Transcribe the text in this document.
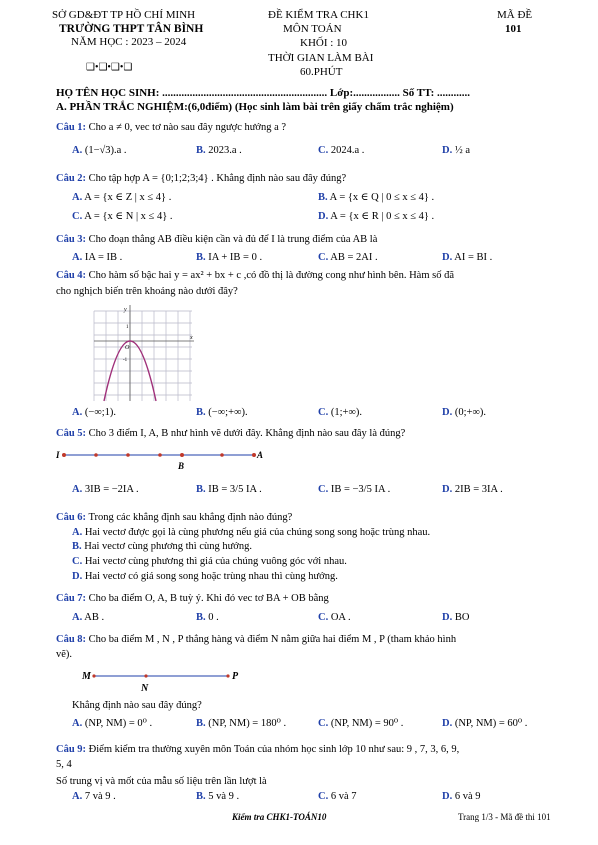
SỞ GD&ĐT TP HỒ CHÍ MINH
TRƯỜNG THPT TÂN BÌNH
NĂM HỌC : 2023 – 2024
❑•❑•❑•❑
ĐỀ KIỂM TRA CHK1
MÔN TOÁN
KHỐI : 10
THỜI GIAN LÀM BÀI
60.PHÚT
MÃ ĐỀ
101
HỌ TÊN HỌC SINH: ............................................................ Lớp:................. Số TT: ............
A. PHẦN TRẮC NGHIỆM:(6,0điểm) (Học sinh làm bài trên giấy chấm trắc nghiệm)
Câu 1: Cho a ≠ 0, vec tơ nào sau đây ngược hướng a ?
A. (1−√3).a .	B. 2023.a .	C. 2024.a .	D. ½ a
Câu 2: Cho tập hợp A = {0;1;2;3;4} . Khẳng định nào sau đây đúng?
A. A = {x ∈ Z | x ≤ 4} .	B. A = {x ∈ Q | 0 ≤ x ≤ 4} .
C. A = {x ∈ N | x ≤ 4} .	D. A = {x ∈ R | 0 ≤ x ≤ 4} .
Câu 3: Cho đoạn thẳng AB điều kiện cần và đủ để I là trung điểm của AB là
A. IA = IB .	B. IA + IB = 0 .	C. AB = 2AI .	D. AI = BI .
Câu 4: Cho hàm số bậc hai y = ax² + bx + c ,có đồ thị là đường cong như hình bên. Hàm số đã
cho nghịch biến trên khoảng nào dưới đây?
y
x
O
1
-1
A. (−∞;1).	B. (−∞;+∞).	C. (1;+∞).	D. (0;+∞).
Câu 5: Cho 3 điểm I, A, B như hình vẽ dưới đây. Khẳng định nào sau đây là đúng?
I
B
A
A. 3IB = −2IA .	B. IB = 3/5 IA .	C. IB = −3/5 IA .	D. 2IB = 3IA .
Câu 6: Trong các khẳng định sau khẳng định nào đúng?
A. Hai vectơ được gọi là cùng phương nếu giá của chúng song song hoặc trùng nhau.
B. Hai vectơ cùng phương thì cùng hướng.
C. Hai vectơ cùng phương thì giá của chúng vuông góc với nhau.
D. Hai vectơ có giá song song hoặc trùng nhau thì cùng hướng.
Câu 7: Cho ba điểm O, A, B tuỳ ý. Khi đó vec tơ BA + OB bằng
A. AB .	B. 0 .	C. OA .	D. BO
Câu 8: Cho ba điểm M , N , P thẳng hàng và điểm N nằm giữa hai điểm M , P (tham khảo hình
vẽ).
M
N
P
Khẳng định nào sau đây đúng?
A. (NP, NM) = 0⁰ .	B. (NP, NM) = 180⁰ .	C. (NP, NM) = 90⁰ .	D. (NP, NM) = 60⁰ .
Câu 9: Điểm kiểm tra thường xuyên môn Toán của nhóm học sinh lớp 10 như sau: 9 , 7, 3, 6, 9,
5, 4
Số trung vị và mốt của mẫu số liệu trên lần lượt là
A. 7 và 9 .	B. 5 và 9 .	C. 6 và 7	D. 6 và 9
Kiểm tra CHK1-TOÁN10	Trang 1/3 - Mã đề thi 101
